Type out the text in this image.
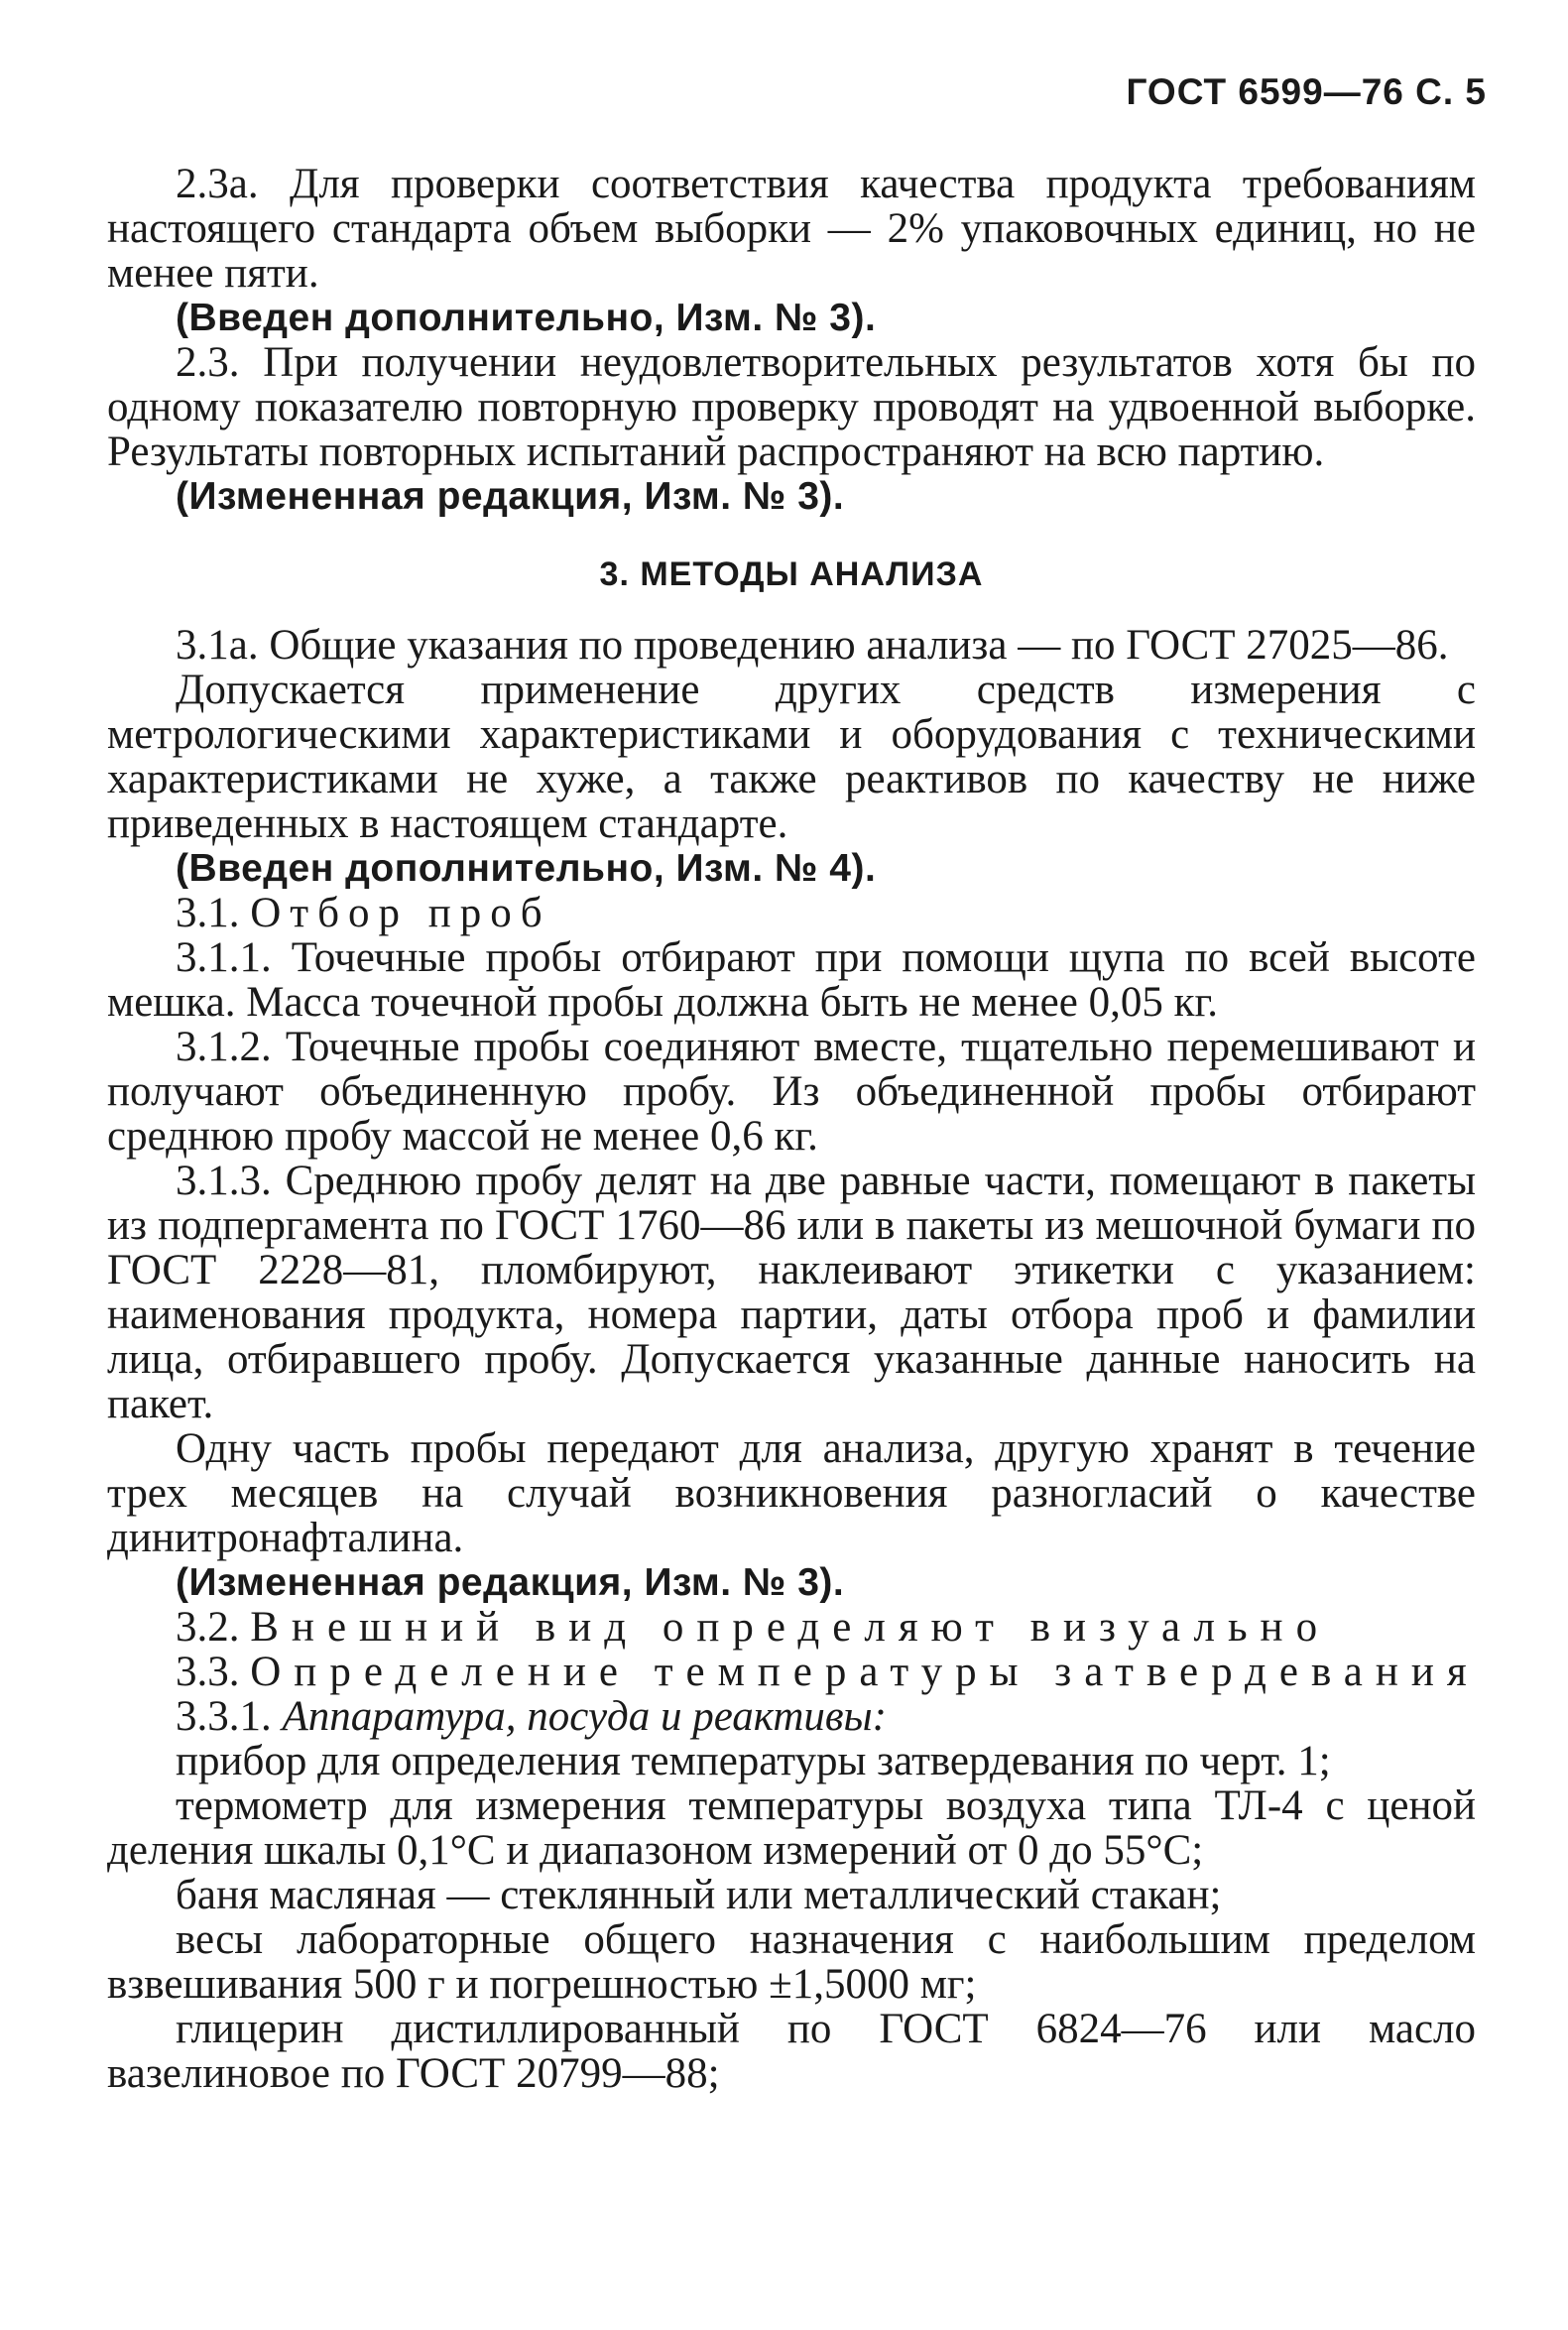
ГОСТ 6599—76 С. 5

2.3а. Для проверки соответствия качества продукта требованиям настоящего стандарта объем выборки — 2% упаковочных единиц, но не менее пяти.

(Введен дополнительно, Изм. № 3).

2.3. При получении неудовлетворительных результатов хотя бы по одному показателю повторную проверку проводят на удвоенной выборке. Результаты повторных испытаний распространяют на всю партию.

(Измененная редакция, Изм. № 3).

3. МЕТОДЫ АНАЛИЗА

3.1а. Общие указания по проведению анализа — по ГОСТ 27025—86.

Допускается применение других средств измерения с метрологическими характеристиками и оборудования с техническими характеристиками не хуже, а также реактивов по качеству не ниже приведенных в настоящем стандарте.

(Введен дополнительно, Изм. № 4).

3.1. Отбор проб

3.1.1. Точечные пробы отбирают при помощи щупа по всей высоте мешка. Масса точечной пробы должна быть не менее 0,05 кг.

3.1.2. Точечные пробы соединяют вместе, тщательно перемешивают и получают объединенную пробу. Из объединенной пробы отбирают среднюю пробу массой не менее 0,6 кг.

3.1.3. Среднюю пробу делят на две равные части, помещают в пакеты из подпергамента по ГОСТ 1760—86 или в пакеты из мешочной бумаги по ГОСТ 2228—81, пломбируют, наклеивают этикетки с указанием: наименования продукта, номера партии, даты отбора проб и фамилии лица, отбиравшего пробу. Допускается указанные данные наносить на пакет.

Одну часть пробы передают для анализа, другую хранят в течение трех месяцев на случай возникновения разногласий о качестве динитронафталина.

(Измененная редакция, Изм. № 3).

3.2. Внешний вид определяют визуально

3.3. Определение температуры затвердевания

3.3.1. Аппаратура, посуда и реактивы:

прибор для определения температуры затвердевания по черт. 1;

термометр для измерения температуры воздуха типа ТЛ-4 с ценой деления шкалы 0,1°С и диапазоном измерений от 0 до 55°С;

баня масляная — стеклянный или металлический стакан;

весы лабораторные общего назначения с наибольшим пределом взвешивания 500 г и погрешностью ±1,5000 мг;

глицерин дистиллированный по ГОСТ 6824—76 или масло вазелиновое по ГОСТ 20799—88;
